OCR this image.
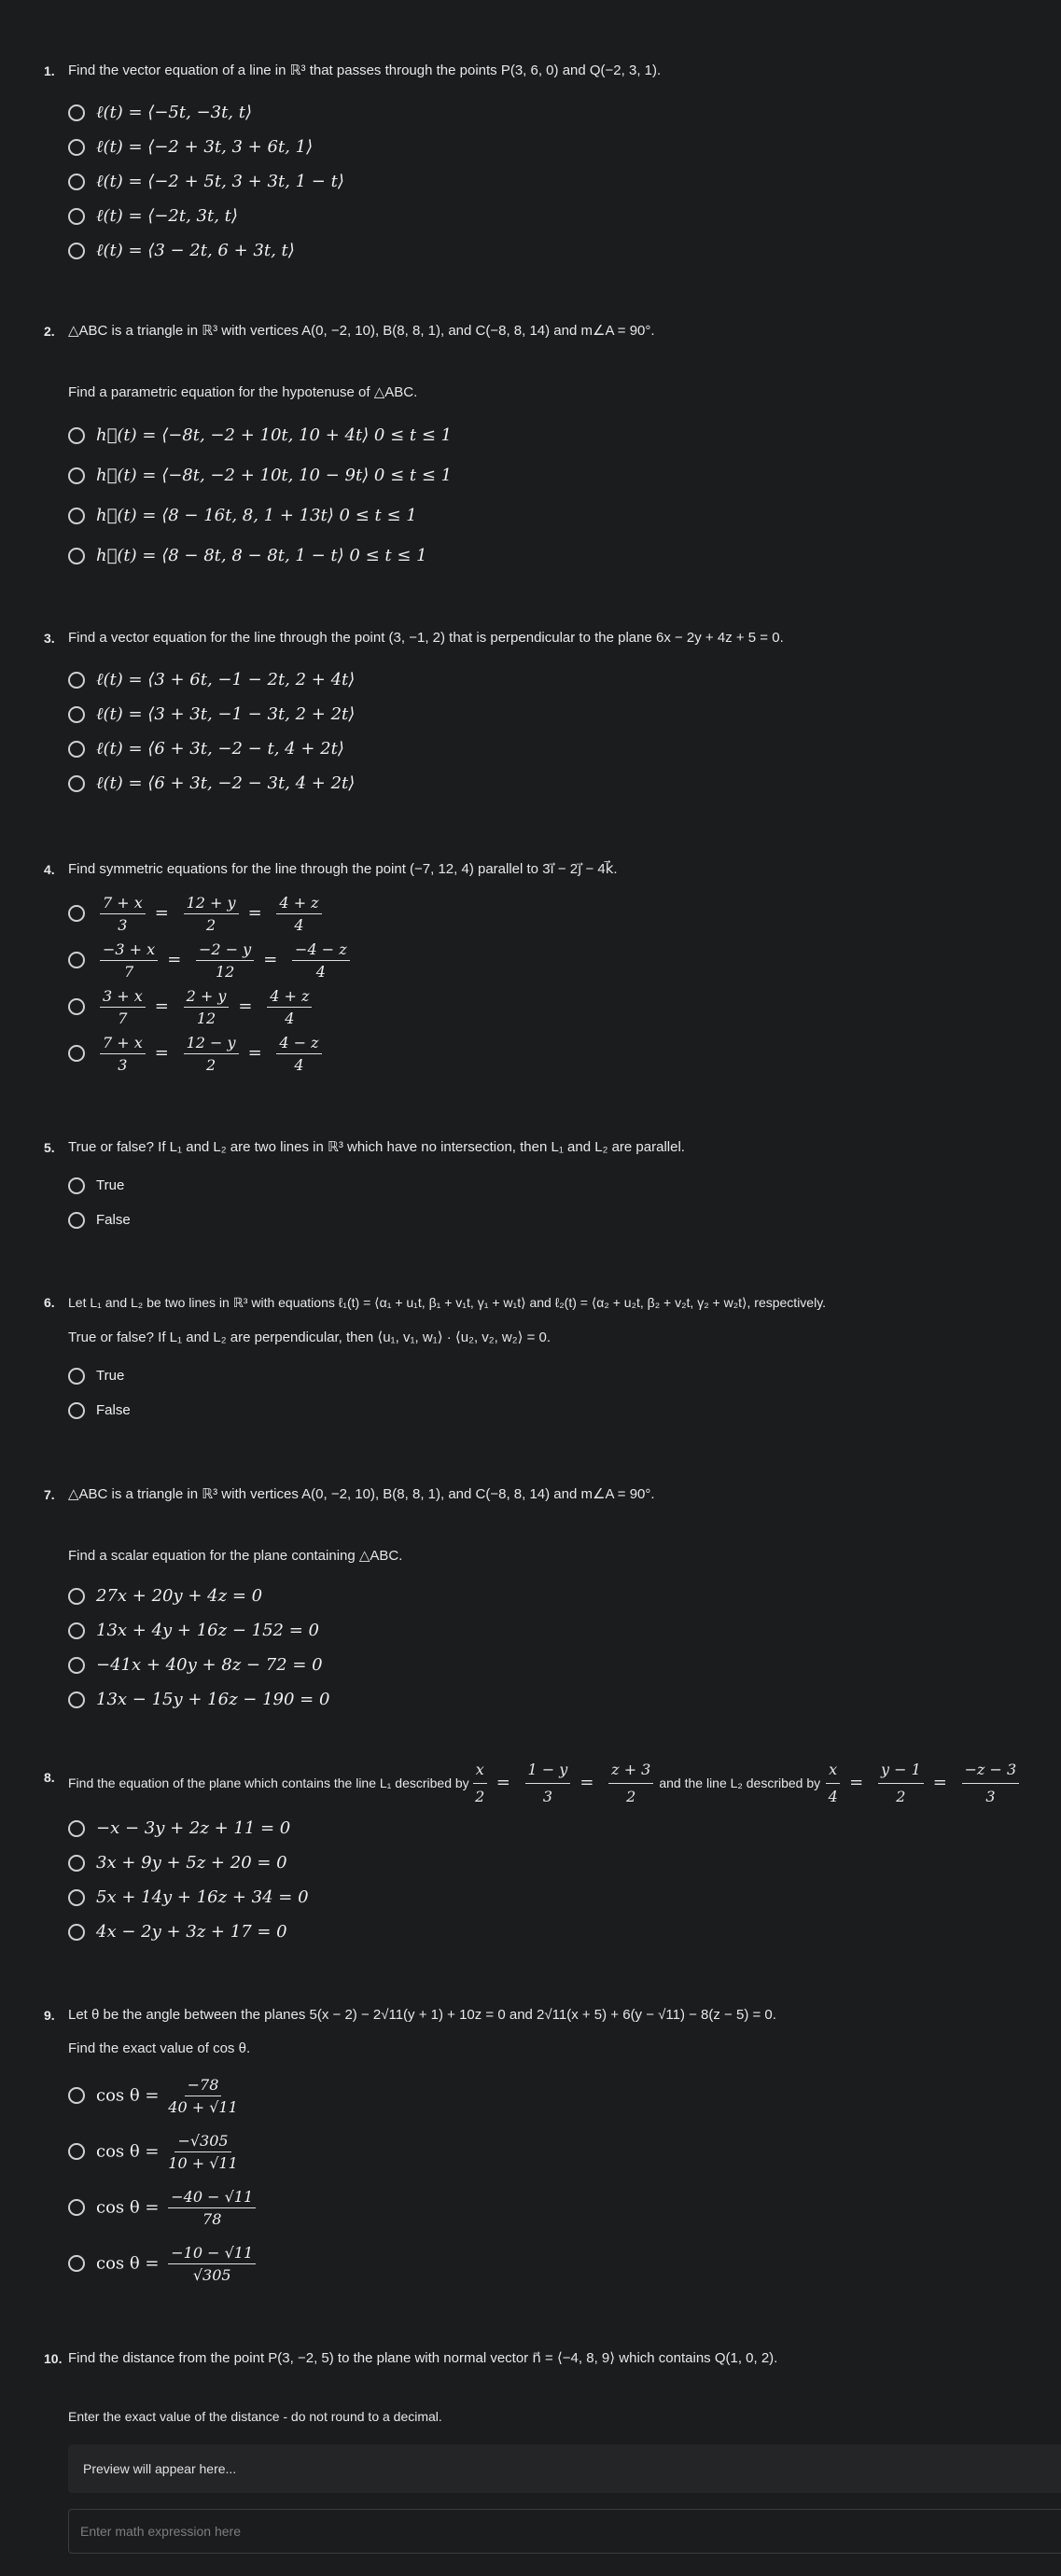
1. Find the vector equation of a line in ℝ³ that passes through the points P(3, 6, 0) and Q(−2, 3, 1).
ℓ(t) = ⟨−5t, −3t, t⟩
ℓ(t) = ⟨−2 + 3t, 3 + 6t, 1⟩
ℓ(t) = ⟨−2 + 5t, 3 + 3t, 1 − t⟩
ℓ(t) = ⟨−2t, 3t, t⟩
ℓ(t) = ⟨3 − 2t, 6 + 3t, t⟩
2. △ABC is a triangle in ℝ³ with vertices A(0, −2, 10), B(8, 8, 1), and C(−8, 8, 14) and m∠A = 90°.
Find a parametric equation for the hypotenuse of △ABC.
h⃗(t) = ⟨−8t, −2 + 10t, 10 + 4t⟩ 0 ≤ t ≤ 1
h⃗(t) = ⟨−8t, −2 + 10t, 10 − 9t⟩ 0 ≤ t ≤ 1
h⃗(t) = ⟨8 − 16t, 8, 1 + 13t⟩ 0 ≤ t ≤ 1
h⃗(t) = ⟨8 − 8t, 8 − 8t, 1 − t⟩ 0 ≤ t ≤ 1
3. Find a vector equation for the line through the point (3, −1, 2) that is perpendicular to the plane 6x − 2y + 4z + 5 = 0.
ℓ(t) = ⟨3 + 6t, −1 − 2t, 2 + 4t⟩
ℓ(t) = ⟨3 + 3t, −1 − 3t, 2 + 2t⟩
ℓ(t) = ⟨6 + 3t, −2 − t, 4 + 2t⟩
ℓ(t) = ⟨6 + 3t, −2 − 3t, 4 + 2t⟩
4. Find symmetric equations for the line through the point (−7, 12, 4) parallel to 3i⃗ − 2j⃗ − 4k⃗.
$\frac{7 + x}{3} = \frac{12 + y}{2} = \frac{4 + z}{4}$
$\frac{-3 + x}{7} = \frac{-2 - y}{12} = \frac{-4 - z}{4}$
$\frac{3 + x}{7} = \frac{2 + y}{12} = \frac{4 + z}{4}$
$\frac{7 + x}{3} = \frac{12 - y}{2} = \frac{4 - z}{4}$
5. True or false? If L₁ and L₂ are two lines in ℝ³ which have no intersection, then L₁ and L₂ are parallel.
True
False
6. Let L₁ and L₂ be two lines in ℝ³ with equations ℓ₁(t) = ⟨α₁ + u₁t, β₁ + v₁t, γ₁ + w₁t⟩ and ℓ₂(t) = ⟨α₂ + u₂t, β₂ + v₂t, γ₂ + w₂t⟩, respectively.
True or false? If L₁ and L₂ are perpendicular, then ⟨u₁, v₁, w₁⟩ · ⟨u₂, v₂, w₂⟩ = 0.
True
False
7. △ABC is a triangle in ℝ³ with vertices A(0, −2, 10), B(8, 8, 1), and C(−8, 8, 14) and m∠A = 90°.
Find a scalar equation for the plane containing △ABC.
27x + 20y + 4z = 0
13x + 4y + 16z − 152 = 0
−41x + 40y + 8z − 72 = 0
13x − 15y + 16z − 190 = 0
8. Find the equation of the plane which contains the line L₁ described by $\frac{x}{2} = \frac{1 - y}{3} = \frac{z + 3}{2}$ and the line L₂ described by $\frac{x}{4} = \frac{y - 1}{2} = \frac{-z - 3}{3}$
−x − 3y + 2z + 11 = 0
3x + 9y + 5z + 20 = 0
5x + 14y + 16z + 34 = 0
4x − 2y + 3z + 17 = 0
9. Let θ be the angle between the planes 5(x − 2) − 2√11(y + 1) + 10z = 0 and 2√11(x + 5) + 6(y − √11) − 8(z − 5) = 0.
Find the exact value of cos θ.
$\cos \theta = \frac{-78}{40 + √11}$
$\cos \theta = \frac{-√305}{10 + √11}$
$\cos \theta = \frac{-40 - √11}{78}$
$\cos \theta = \frac{-10 - √11}{√305}$
10. Find the distance from the point P(3, −2, 5) to the plane with normal vector n⃗ = ⟨−4, 8, 9⟩ which contains Q(1, 0, 2).
Enter the exact value of the distance - do not round to a decimal.
Preview will appear here...
Enter math expression here
